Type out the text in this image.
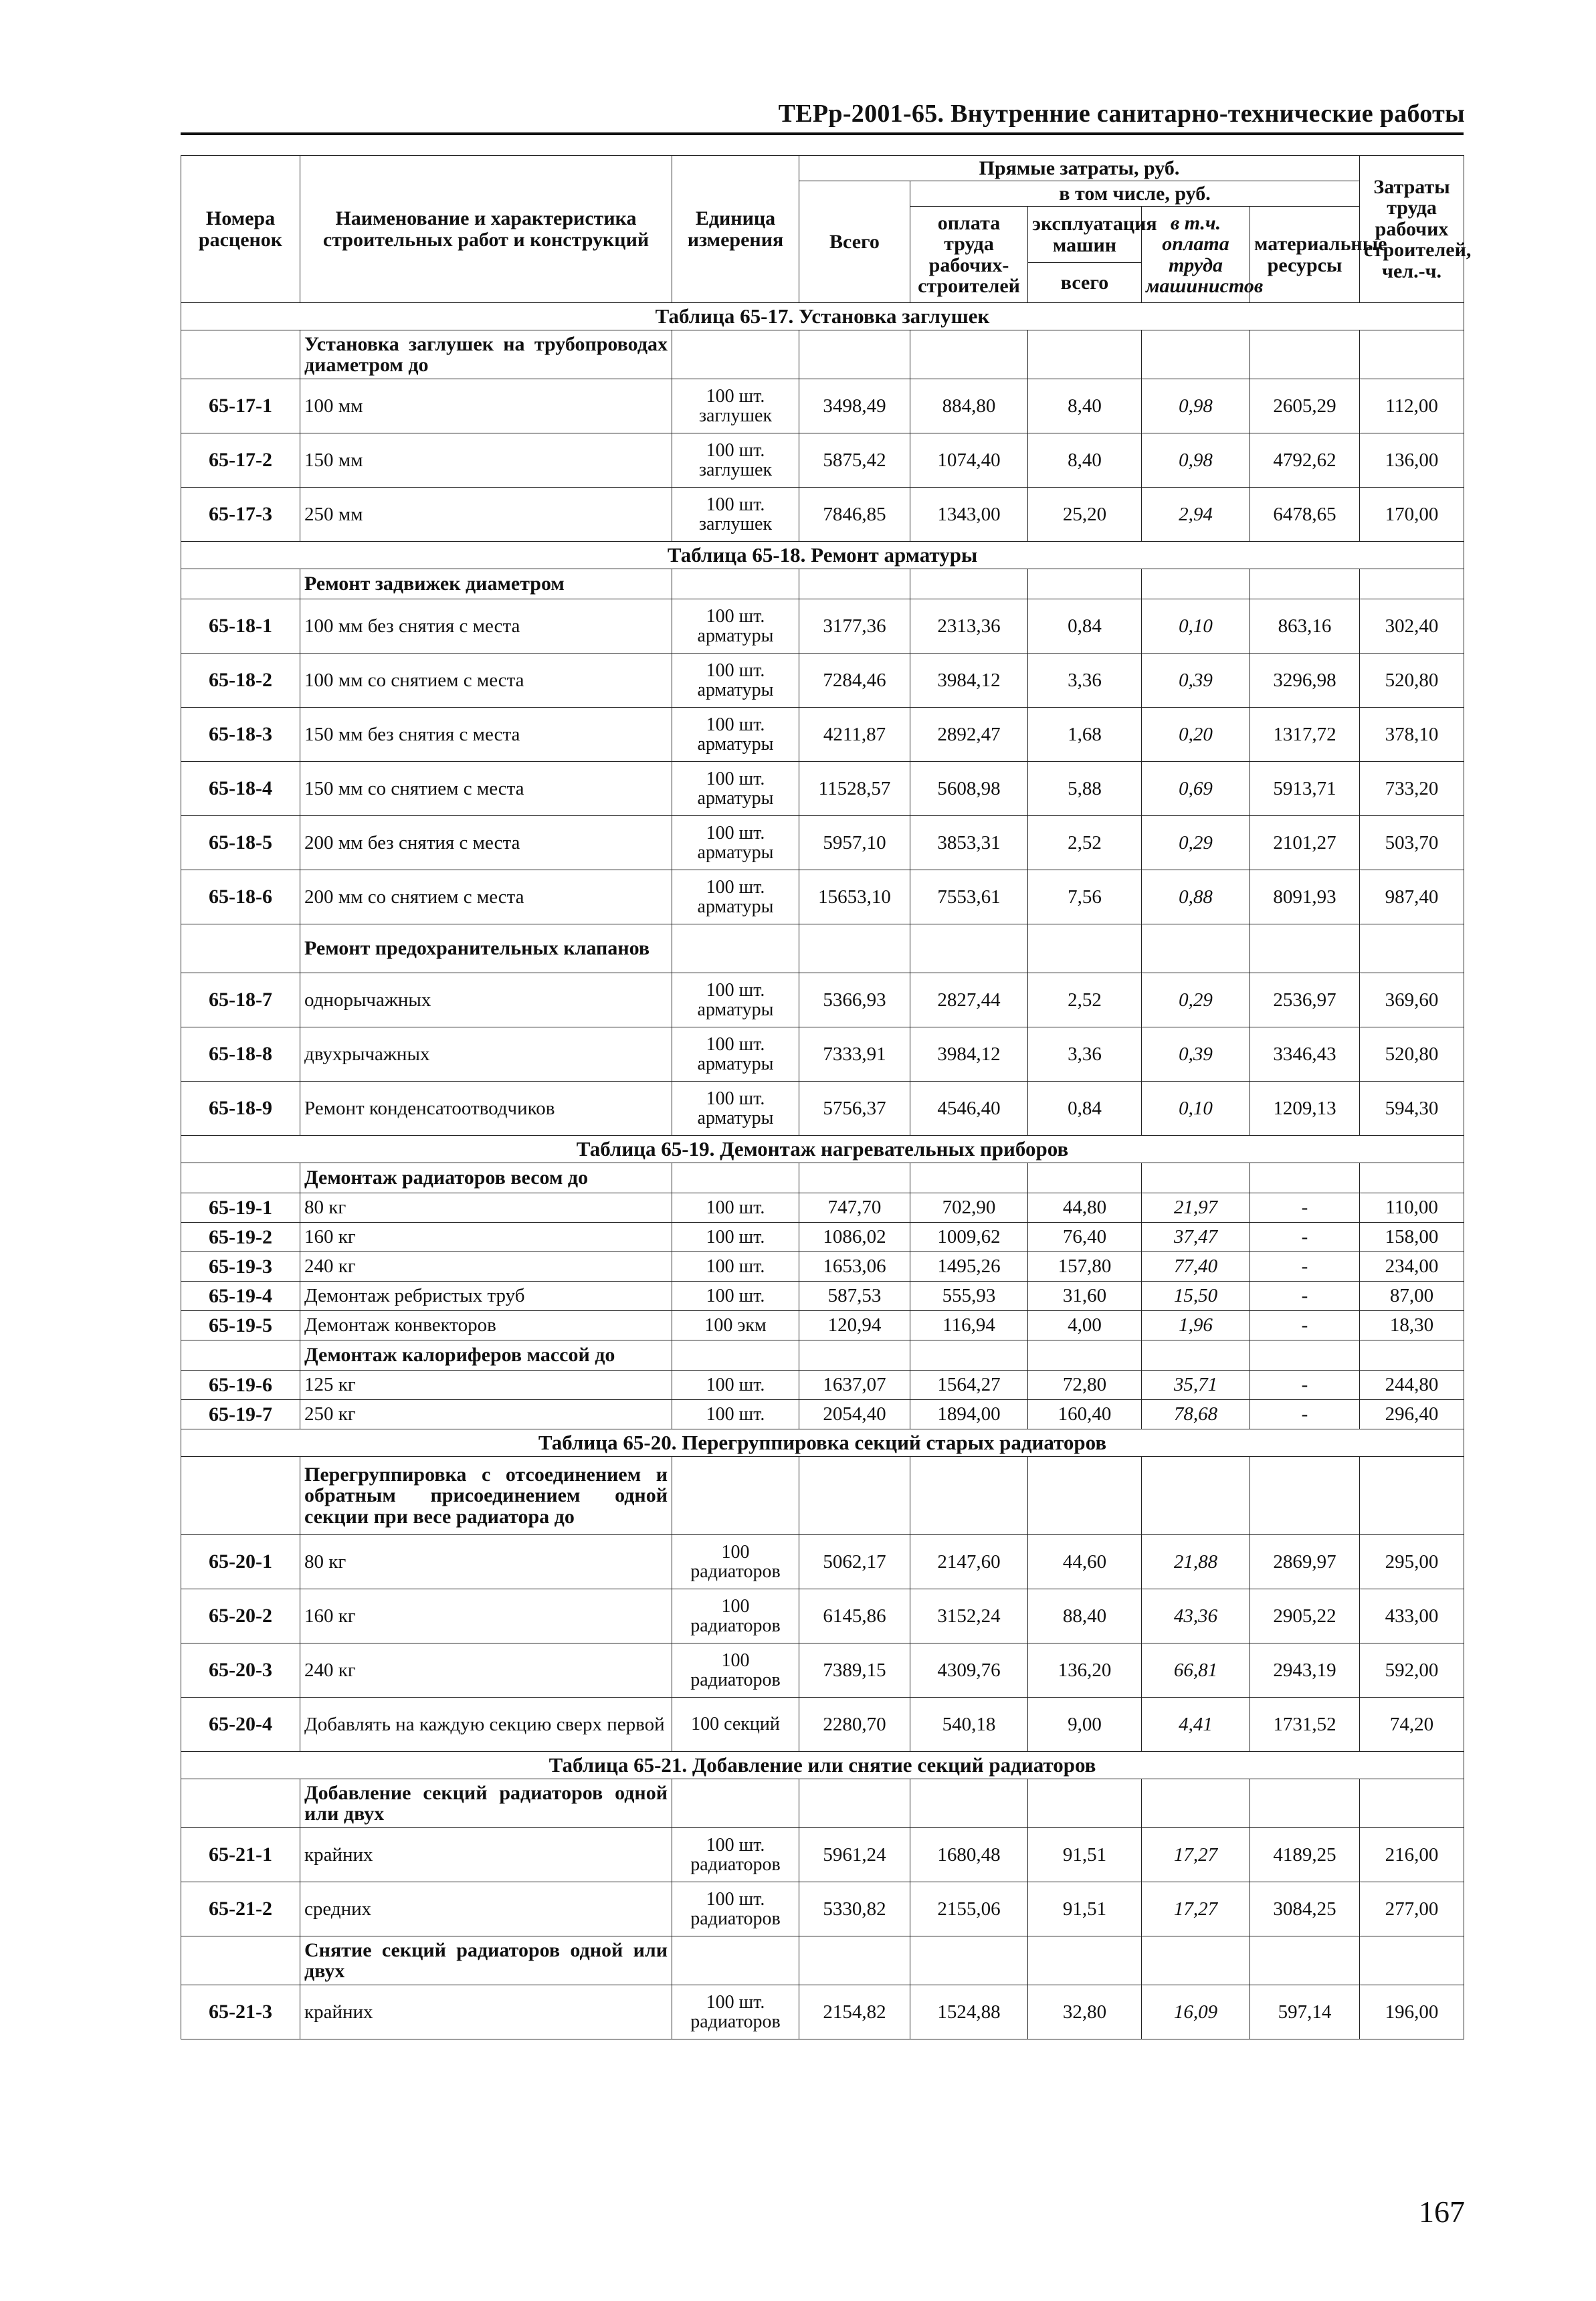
ТЕРр-2001-65. Внутренние санитарно-технические работы
Номера расценок	Наименование и характеристика строительных работ и конструкций	Единица измерения	Прямые затраты, руб.					Затраты труда рабочих строителей, чел.-ч.
			Всего	в том числе, руб.				
				оплата труда рабочих-строителей	эксплуатация машин	в т.ч. оплата труда машинистов	материальные ресурсы	
					всего			
Таблица 65-17. Установка заглушек								
	Установка заглушек на трубопроводах диаметром до							
65-17-1	100 мм	100 шт. заглушек	3498,49	884,80	8,40	0,98	2605,29	112,00
65-17-2	150 мм	100 шт. заглушек	5875,42	1074,40	8,40	0,98	4792,62	136,00
65-17-3	250 мм	100 шт. заглушек	7846,85	1343,00	25,20	2,94	6478,65	170,00
Таблица 65-18. Ремонт арматуры								
	Ремонт задвижек диаметром							
65-18-1	100 мм без снятия с места	100 шт. арматуры	3177,36	2313,36	0,84	0,10	863,16	302,40
65-18-2	100 мм со снятием с места	100 шт. арматуры	7284,46	3984,12	3,36	0,39	3296,98	520,80
65-18-3	150 мм без снятия с места	100 шт. арматуры	4211,87	2892,47	1,68	0,20	1317,72	378,10
65-18-4	150 мм со снятием с места	100 шт. арматуры	11528,57	5608,98	5,88	0,69	5913,71	733,20
65-18-5	200 мм без снятия с места	100 шт. арматуры	5957,10	3853,31	2,52	0,29	2101,27	503,70
65-18-6	200 мм со снятием с места	100 шт. арматуры	15653,10	7553,61	7,56	0,88	8091,93	987,40
	Ремонт предохранительных клапанов							
65-18-7	однорычажных	100 шт. арматуры	5366,93	2827,44	2,52	0,29	2536,97	369,60
65-18-8	двухрычажных	100 шт. арматуры	7333,91	3984,12	3,36	0,39	3346,43	520,80
65-18-9	Ремонт конденсатоотводчиков	100 шт. арматуры	5756,37	4546,40	0,84	0,10	1209,13	594,30
Таблица 65-19. Демонтаж нагревательных приборов								
	Демонтаж радиаторов весом до							
65-19-1	80 кг	100 шт.	747,70	702,90	44,80	21,97	-	110,00
65-19-2	160 кг	100 шт.	1086,02	1009,62	76,40	37,47	-	158,00
65-19-3	240 кг	100 шт.	1653,06	1495,26	157,80	77,40	-	234,00
65-19-4	Демонтаж ребристых труб	100 шт.	587,53	555,93	31,60	15,50	-	87,00
65-19-5	Демонтаж конвекторов	100 экм	120,94	116,94	4,00	1,96	-	18,30
	Демонтаж калориферов массой до							
65-19-6	125 кг	100 шт.	1637,07	1564,27	72,80	35,71	-	244,80
65-19-7	250 кг	100 шт.	2054,40	1894,00	160,40	78,68	-	296,40
Таблица 65-20. Перегруппировка секций старых радиаторов								
	Перегруппировка с отсоединением и обратным присоединением одной секции при весе радиатора до							
65-20-1	80 кг	100 радиаторов	5062,17	2147,60	44,60	21,88	2869,97	295,00
65-20-2	160 кг	100 радиаторов	6145,86	3152,24	88,40	43,36	2905,22	433,00
65-20-3	240 кг	100 радиаторов	7389,15	4309,76	136,20	66,81	2943,19	592,00
65-20-4	Добавлять на каждую секцию сверх первой	100 секций	2280,70	540,18	9,00	4,41	1731,52	74,20
Таблица 65-21. Добавление или снятие секций радиаторов								
	Добавление секций радиаторов одной или двух							
65-21-1	крайних	100 шт. радиаторов	5961,24	1680,48	91,51	17,27	4189,25	216,00
65-21-2	средних	100 шт. радиаторов	5330,82	2155,06	91,51	17,27	3084,25	277,00
	Снятие секций радиаторов одной или двух							
65-21-3	крайних	100 шт. радиаторов	2154,82	1524,88	32,80	16,09	597,14	196,00
167
